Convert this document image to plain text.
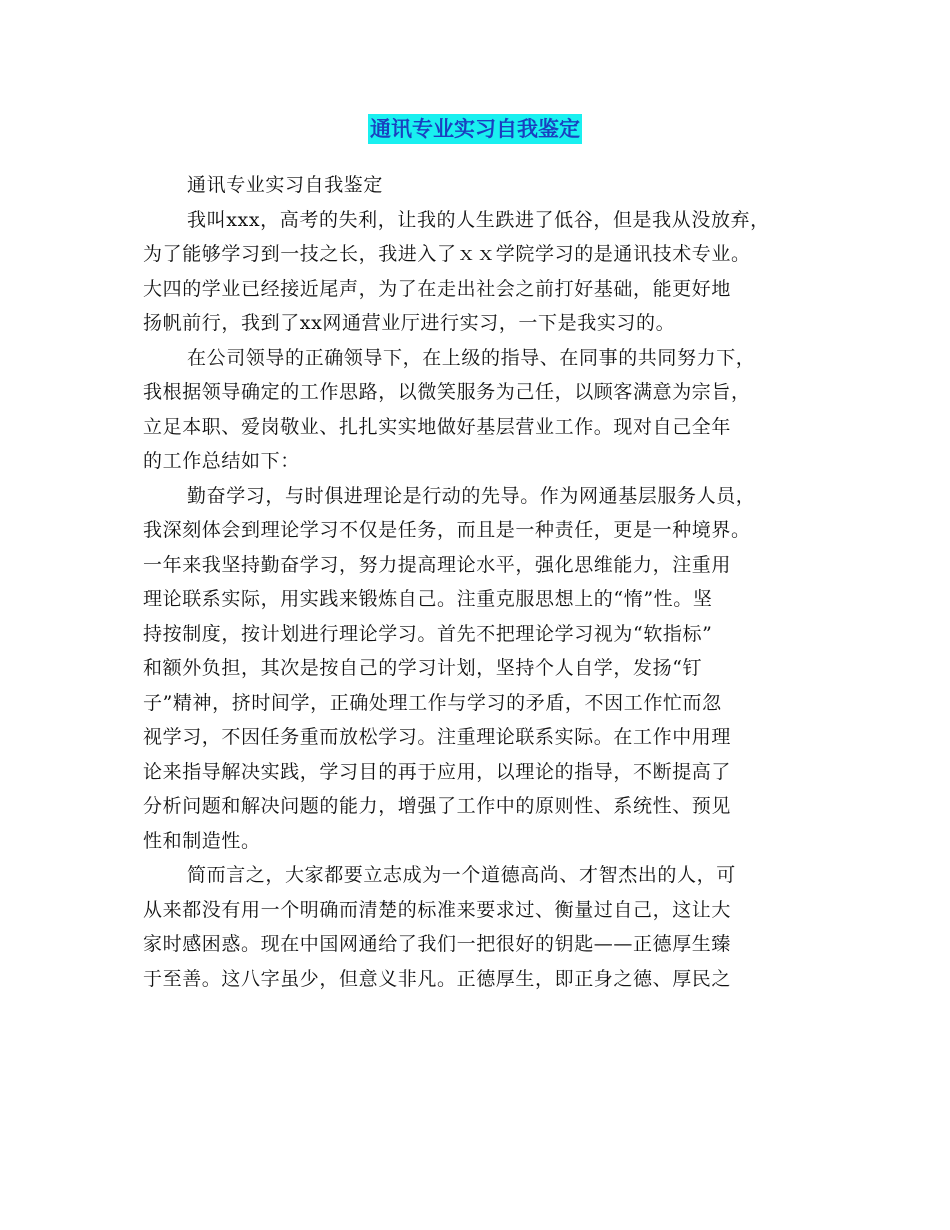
通讯专业实习自我鉴定
通讯专业实习自我鉴定
我叫xxx，高考的失利，让我的人生跌进了低谷，但是我从没放弃，
为了能够学习到一技之长，我进入了ｘｘ学院学习的是通讯技术专业。
大四的学业已经接近尾声，为了在走出社会之前打好基础，能更好地
扬帆前行，我到了xx网通营业厅进行实习，一下是我实习的。
在公司领导的正确领导下，在上级的指导、在同事的共同努力下，
我根据领导确定的工作思路，以微笑服务为己任，以顾客满意为宗旨，
立足本职、爱岗敬业、扎扎实实地做好基层营业工作。现对自己全年
的工作总结如下：
勤奋学习，与时俱进理论是行动的先导。作为网通基层服务人员，
我深刻体会到理论学习不仅是任务，而且是一种责任，更是一种境界。
一年来我坚持勤奋学习，努力提高理论水平，强化思维能力，注重用
理论联系实际，用实践来锻炼自己。注重克服思想上的“惰”性。坚
持按制度，按计划进行理论学习。首先不把理论学习视为“软指标”
和额外负担，其次是按自己的学习计划，坚持个人自学，发扬“钉
子”精神，挤时间学，正确处理工作与学习的矛盾，不因工作忙而忽
视学习，不因任务重而放松学习。注重理论联系实际。在工作中用理
论来指导解决实践，学习目的再于应用，以理论的指导，不断提高了
分析问题和解决问题的能力，增强了工作中的原则性、系统性、预见
性和制造性。
简而言之，大家都要立志成为一个道德高尚、才智杰出的人，可
从来都没有用一个明确而清楚的标准来要求过、衡量过自己，这让大
家时感困惑。现在中国网通给了我们一把很好的钥匙——正德厚生臻
于至善。这八字虽少，但意义非凡。正德厚生，即正身之德、厚民之
